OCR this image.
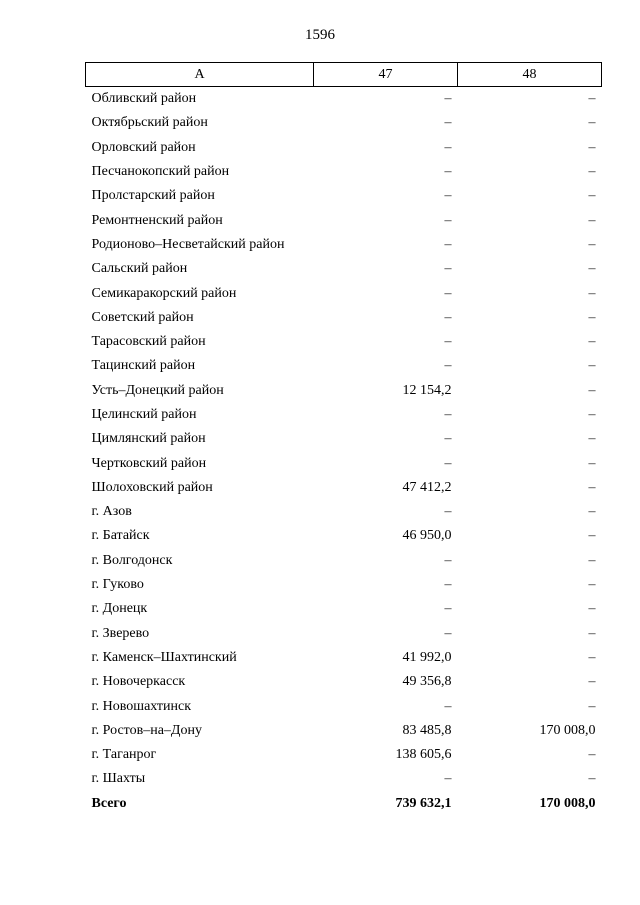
1596
А	47	48
Обливский район	–	–
Октябрьский район	–	–
Орловский район	–	–
Песчанокопский район	–	–
Пролстарский район	–	–
Ремонтненский район	–	–
Родионово–Несветайский район	–	–
Сальский район	–	–
Семикаракорский район	–	–
Советский район	–	–
Тарасовский район	–	–
Тацинский район	–	–
Усть–Донецкий район	12 154,2	–
Целинский район	–	–
Цимлянский район	–	–
Чертковский район	–	–
Шолоховский район	47 412,2	–
г. Азов	–	–
г. Батайск	46 950,0	–
г. Волгодонск	–	–
г. Гуково	–	–
г. Донецк	–	–
г. Зверево	–	–
г. Каменск–Шахтинский	41 992,0	–
г. Новочеркасск	49 356,8	–
г. Новошахтинск	–	–
г. Ростов–на–Дону	83 485,8	170 008,0
г. Таганрог	138 605,6	–
г. Шахты	–	–
Всего	739 632,1	170 008,0
